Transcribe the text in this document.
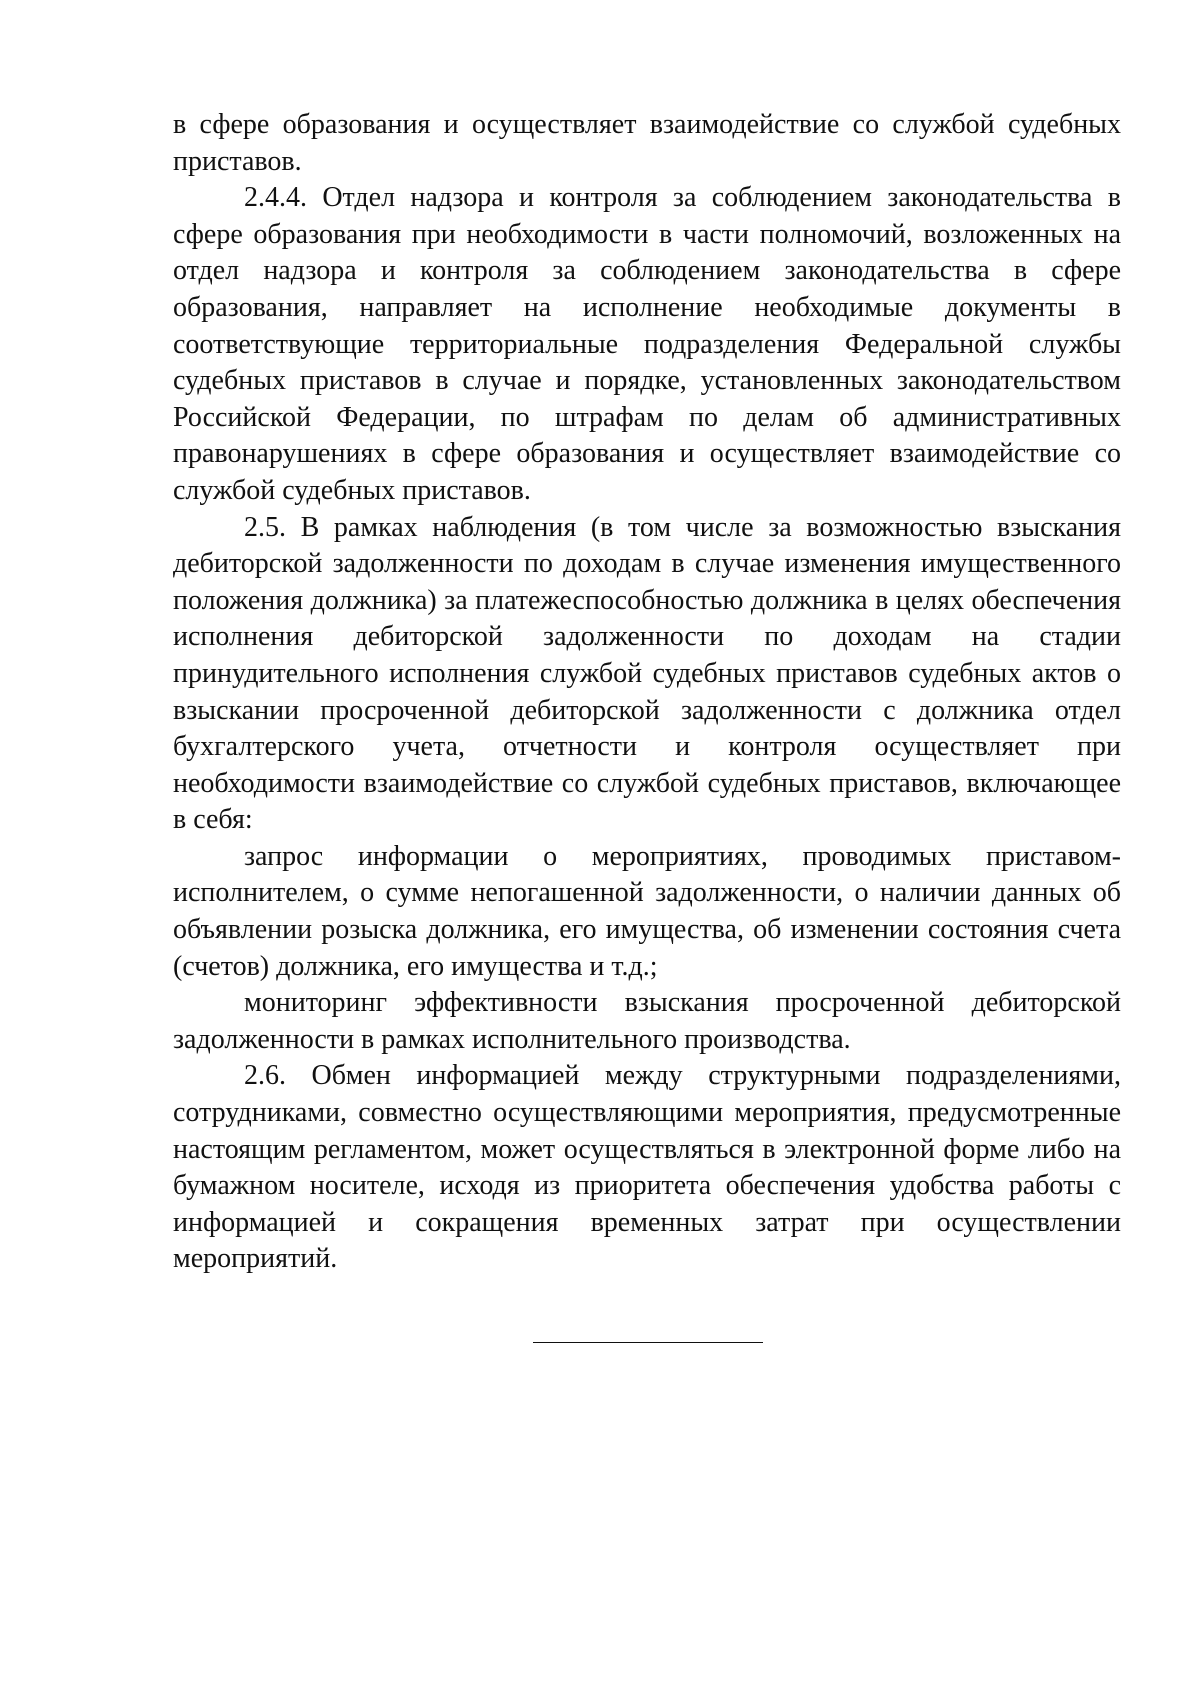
в сфере образования и осуществляет взаимодействие со службой судебных приставов.

2.4.4. Отдел надзора и контроля за соблюдением законодательства в сфере образования при необходимости в части полномочий, возложенных на отдел надзора и контроля за соблюдением законодательства в сфере образования, направляет на исполнение необходимые документы в соответствующие территориальные подразделения Федеральной службы судебных приставов в случае и порядке, установленных законодательством Российской Федерации, по штрафам по делам об административных правонарушениях в сфере образования и осуществляет взаимодействие со службой судебных приставов.

2.5. В рамках наблюдения (в том числе за возможностью взыскания дебиторской задолженности по доходам в случае изменения имущественного положения должника) за платежеспособностью должника в целях обеспечения исполнения дебиторской задолженности по доходам на стадии принудительного исполнения службой судебных приставов судебных актов о взыскании просроченной дебиторской задолженности с должника отдел бухгалтерского учета, отчетности и контроля осуществляет при необходимости взаимодействие со службой судебных приставов, включающее в себя:

запрос информации о мероприятиях, проводимых приставом-исполнителем, о сумме непогашенной задолженности, о наличии данных об объявлении розыска должника, его имущества, об изменении состояния счета (счетов) должника, его имущества и т.д.;

мониторинг эффективности взыскания просроченной дебиторской задолженности в рамках исполнительного производства.

2.6. Обмен информацией между структурными подразделениями, сотрудниками, совместно осуществляющими мероприятия, предусмотренные настоящим регламентом, может осуществляться в электронной форме либо на бумажном носителе, исходя из приоритета обеспечения удобства работы с информацией и сокращения временных затрат при осуществлении мероприятий.
